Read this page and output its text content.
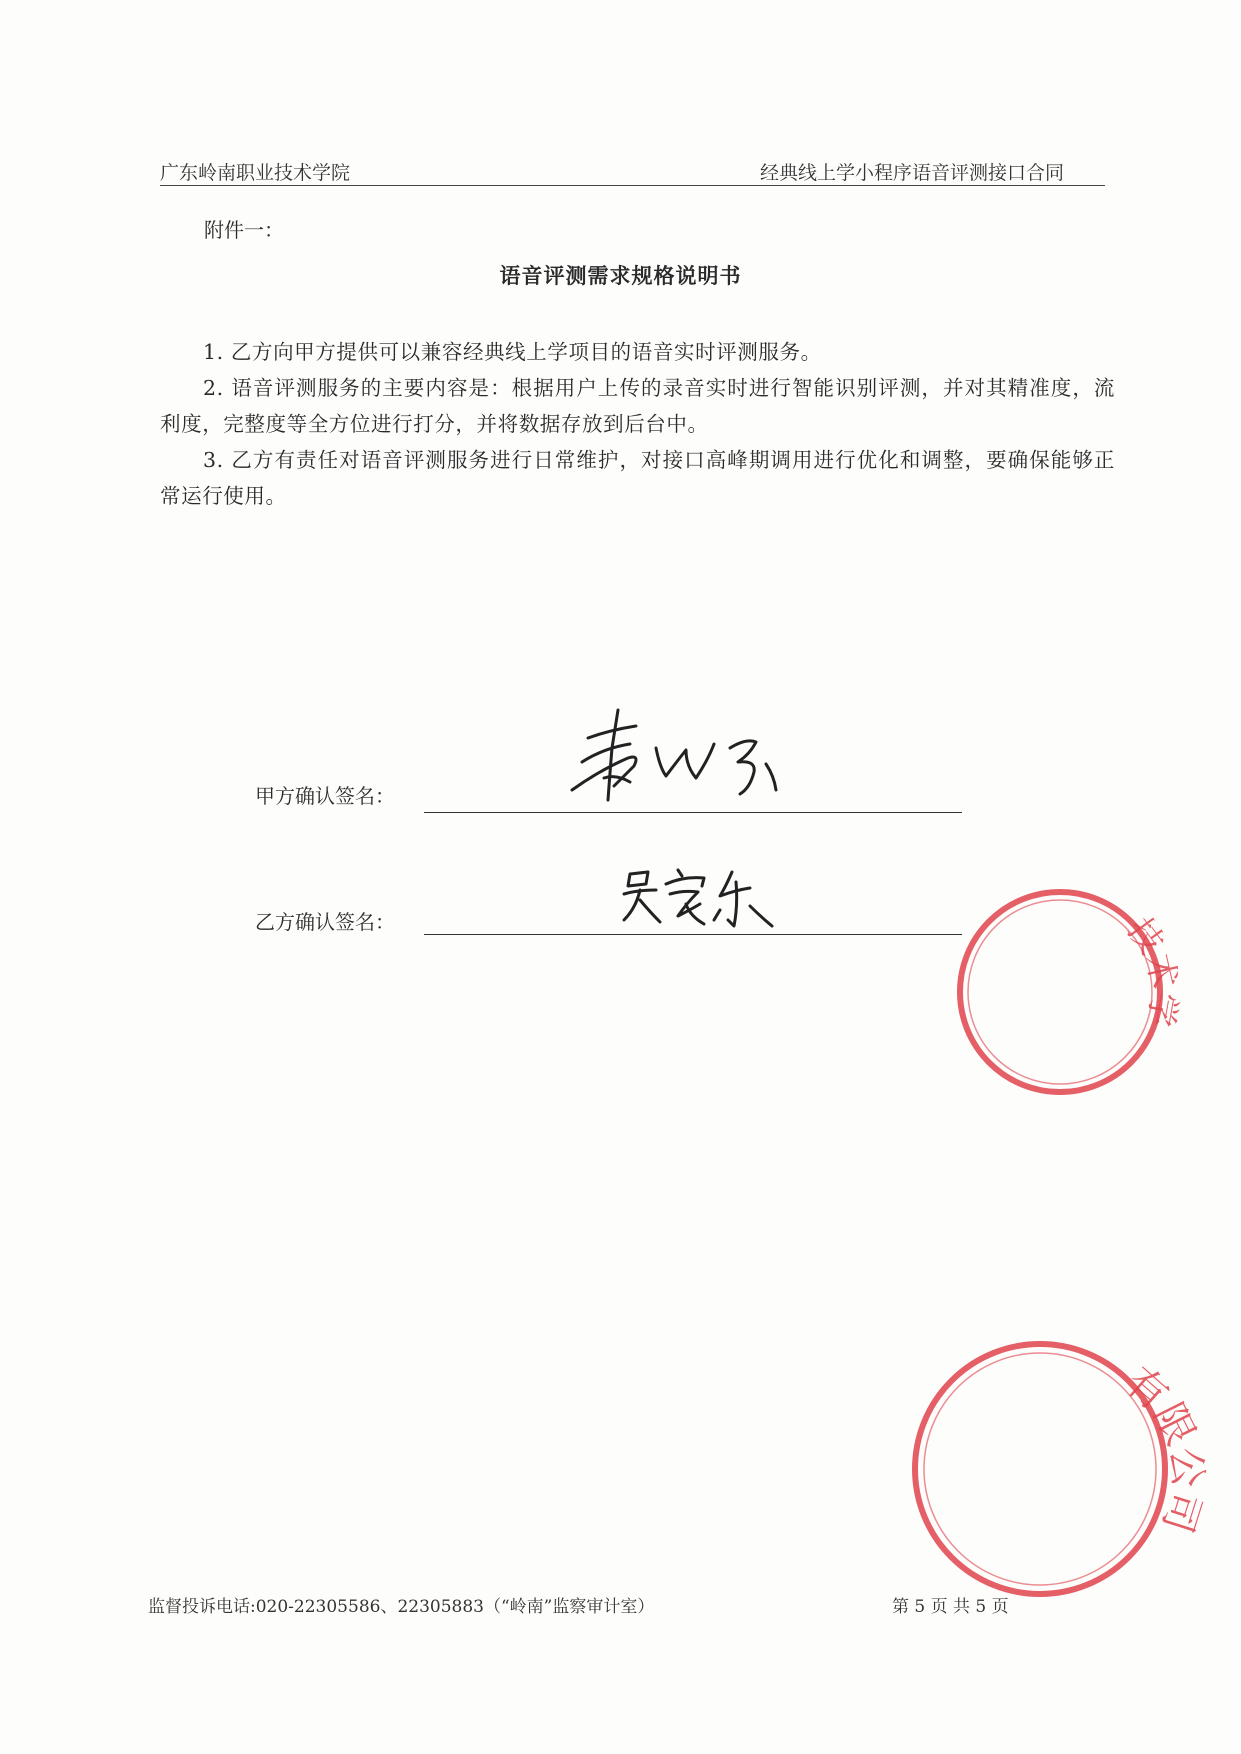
广东岭南职业技术学院	经典线上学小程序语音评测接口合同
附件一：
语音评测需求规格说明书

1. 乙方向甲方提供可以兼容经典线上学项目的语音实时评测服务。

2. 语音评测服务的主要内容是：根据用户上传的录音实时进行智能识别评测，并对其精准度，流利度，完整度等全方位进行打分，并将数据存放到后台中。

3. 乙方有责任对语音评测服务进行日常维护，对接口高峰期调用进行优化和调整，要确保能够正常运行使用。

甲方确认签名：
乙方确认签名：	技术学
有限公司
监督投诉电话:020-22305586、22305883（“岭南”监察审计室）	第 5 页 共 5 页
